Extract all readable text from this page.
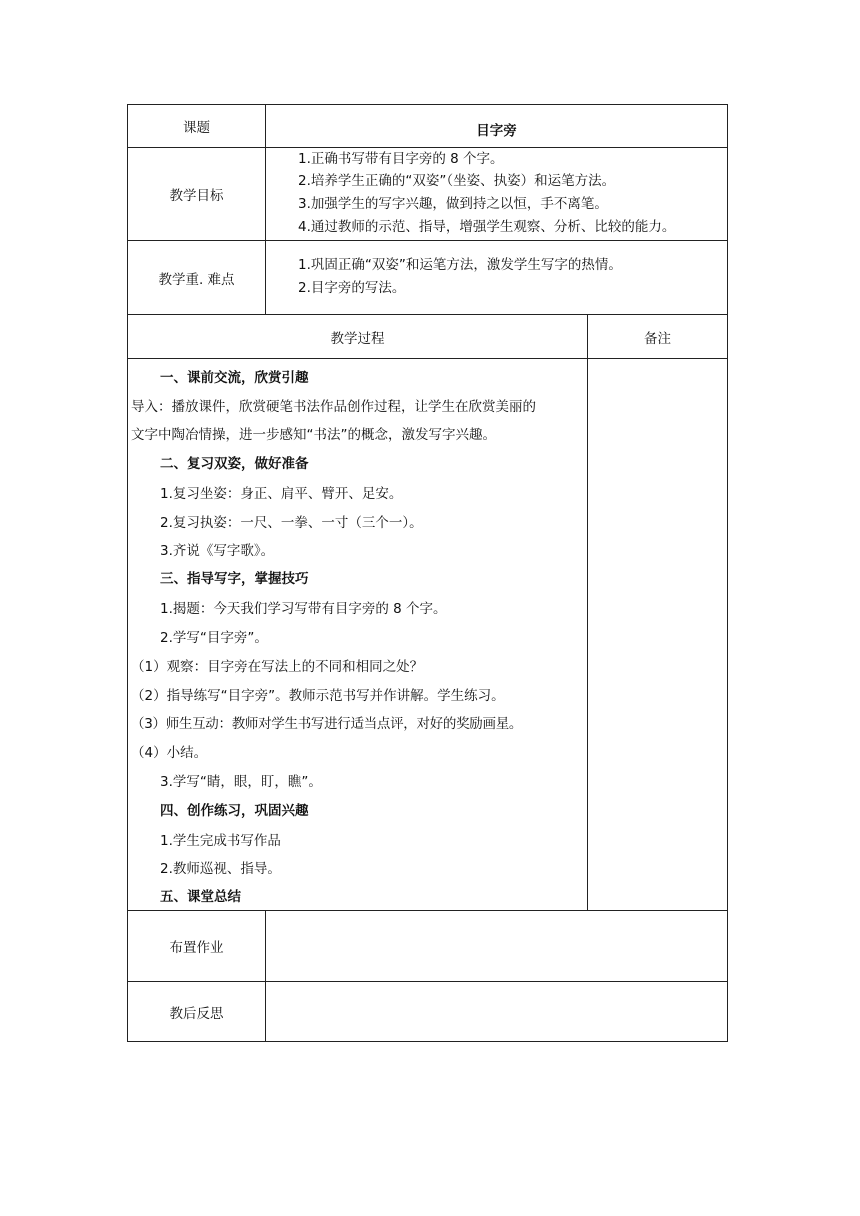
课题	目字旁
教学目标
1.正确书写带有目字旁的 8 个字。
2.培养学生正确的“双姿”（坐姿、执姿）和运笔方法。
3.加强学生的写字兴趣，做到持之以恒，手不离笔。
4.通过教师的示范、指导，增强学生观察、分析、比较的能力。
教学重. 难点
1.巩固正确“双姿”和运笔方法，激发学生写字的热情。
2.目字旁的写法。
教学过程	备注
一、课前交流，欣赏引趣
导入：播放课件，欣赏硬笔书法作品创作过程，让学生在欣赏美丽的
文字中陶冶情操，进一步感知“书法”的概念，激发写字兴趣。
二、复习双姿，做好准备
1.复习坐姿：身正、肩平、臂开、足安。
2.复习执姿：一尺、一拳、一寸（三个一）。
3.齐说《写字歌》。
三、指导写字，掌握技巧
1.揭题：今天我们学习写带有目字旁的 8 个字。
2.学写“目字旁”。
（1）观察：目字旁在写法上的不同和相同之处？
（2）指导练写“目字旁”。教师示范书写并作讲解。学生练习。
（3）师生互动：教师对学生书写进行适当点评，对好的奖励画星。
（4）小结。
3.学写“睛，眼，盯，瞧”。
四、创作练习，巩固兴趣
1.学生完成书写作品
2.教师巡视、指导。
五、课堂总结
布置作业
教后反思
